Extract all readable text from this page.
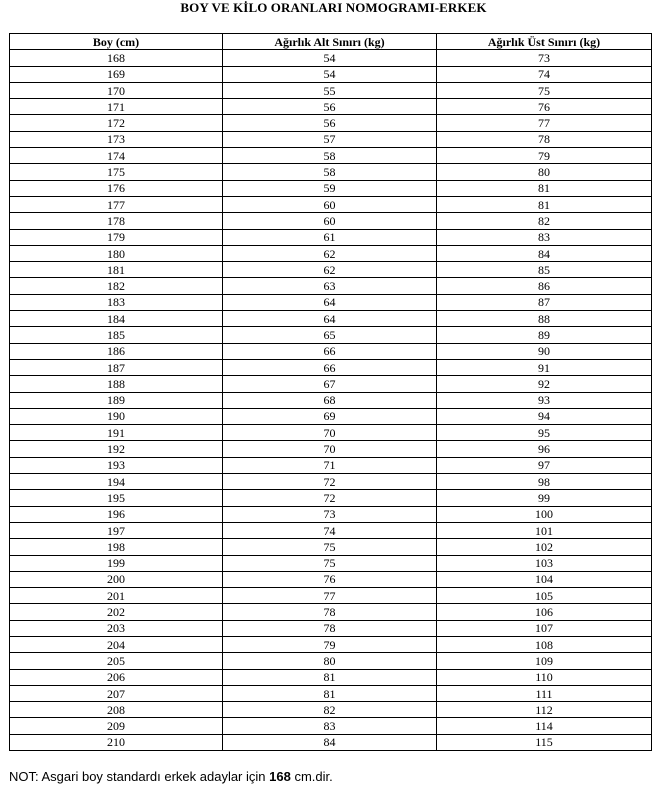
BOY VE KİLO ORANLARI NOMOGRAMI-ERKEK
Boy (cm)	Ağırlık Alt Sınırı (kg)	Ağırlık Üst Sınırı (kg)
168	54	73
169	54	74
170	55	75
171	56	76
172	56	77
173	57	78
174	58	79
175	58	80
176	59	81
177	60	81
178	60	82
179	61	83
180	62	84
181	62	85
182	63	86
183	64	87
184	64	88
185	65	89
186	66	90
187	66	91
188	67	92
189	68	93
190	69	94
191	70	95
192	70	96
193	71	97
194	72	98
195	72	99
196	73	100
197	74	101
198	75	102
199	75	103
200	76	104
201	77	105
202	78	106
203	78	107
204	79	108
205	80	109
206	81	110
207	81	111
208	82	112
209	83	114
210	84	115
NOT: Asgari boy standardı erkek adaylar için 168 cm.dir.
